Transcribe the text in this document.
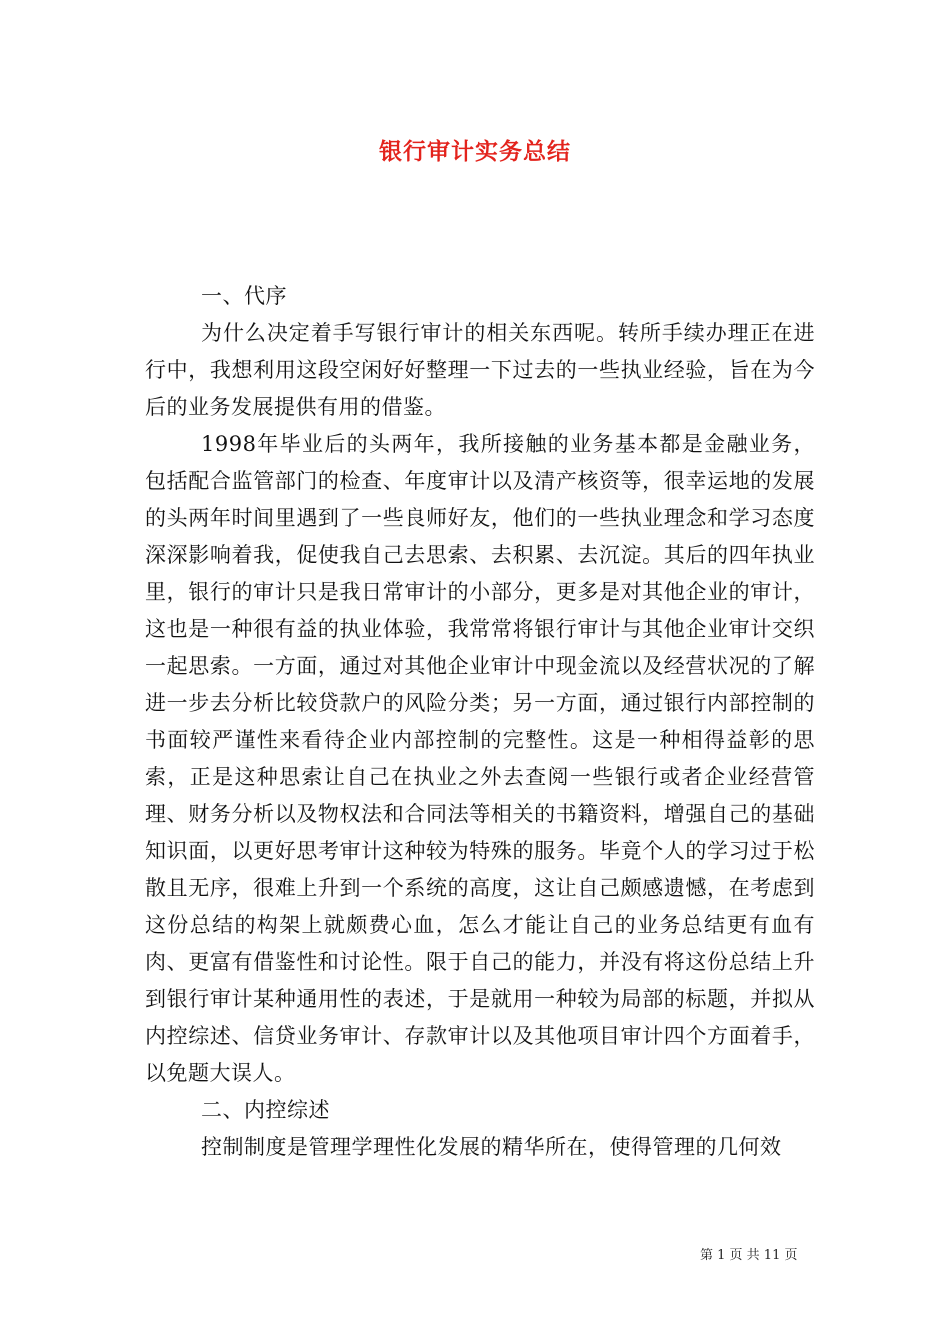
银行审计实务总结

一、代序

为什么决定着手写银行审计的相关东西呢。转所手续办理正在进行中，我想利用这段空闲好好整理一下过去的一些执业经验，旨在为今后的业务发展提供有用的借鉴。

1998年毕业后的头两年，我所接触的业务基本都是金融业务，包括配合监管部门的检查、年度审计以及清产核资等，很幸运地的发展的头两年时间里遇到了一些良师好友，他们的一些执业理念和学习态度深深影响着我，促使我自己去思索、去积累、去沉淀。其后的四年执业里，银行的审计只是我日常审计的小部分，更多是对其他企业的审计，这也是一种很有益的执业体验，我常常将银行审计与其他企业审计交织一起思索。一方面，通过对其他企业审计中现金流以及经营状况的了解进一步去分析比较贷款户的风险分类；另一方面，通过银行内部控制的书面较严谨性来看待企业内部控制的完整性。这是一种相得益彰的思索，正是这种思索让自己在执业之外去查阅一些银行或者企业经营管理、财务分析以及物权法和合同法等相关的书籍资料，增强自己的基础知识面，以更好思考审计这种较为特殊的服务。毕竟个人的学习过于松散且无序，很难上升到一个系统的高度，这让自己颇感遗憾，在考虑到这份总结的构架上就颇费心血，怎么才能让自己的业务总结更有血有肉、更富有借鉴性和讨论性。限于自己的能力，并没有将这份总结上升到银行审计某种通用性的表述，于是就用一种较为局部的标题，并拟从内控综述、信贷业务审计、存款审计以及其他项目审计四个方面着手，以免题大误人。

二、内控综述

控制制度是管理学理性化发展的精华所在，使得管理的几何效

第 1 页 共 11 页
